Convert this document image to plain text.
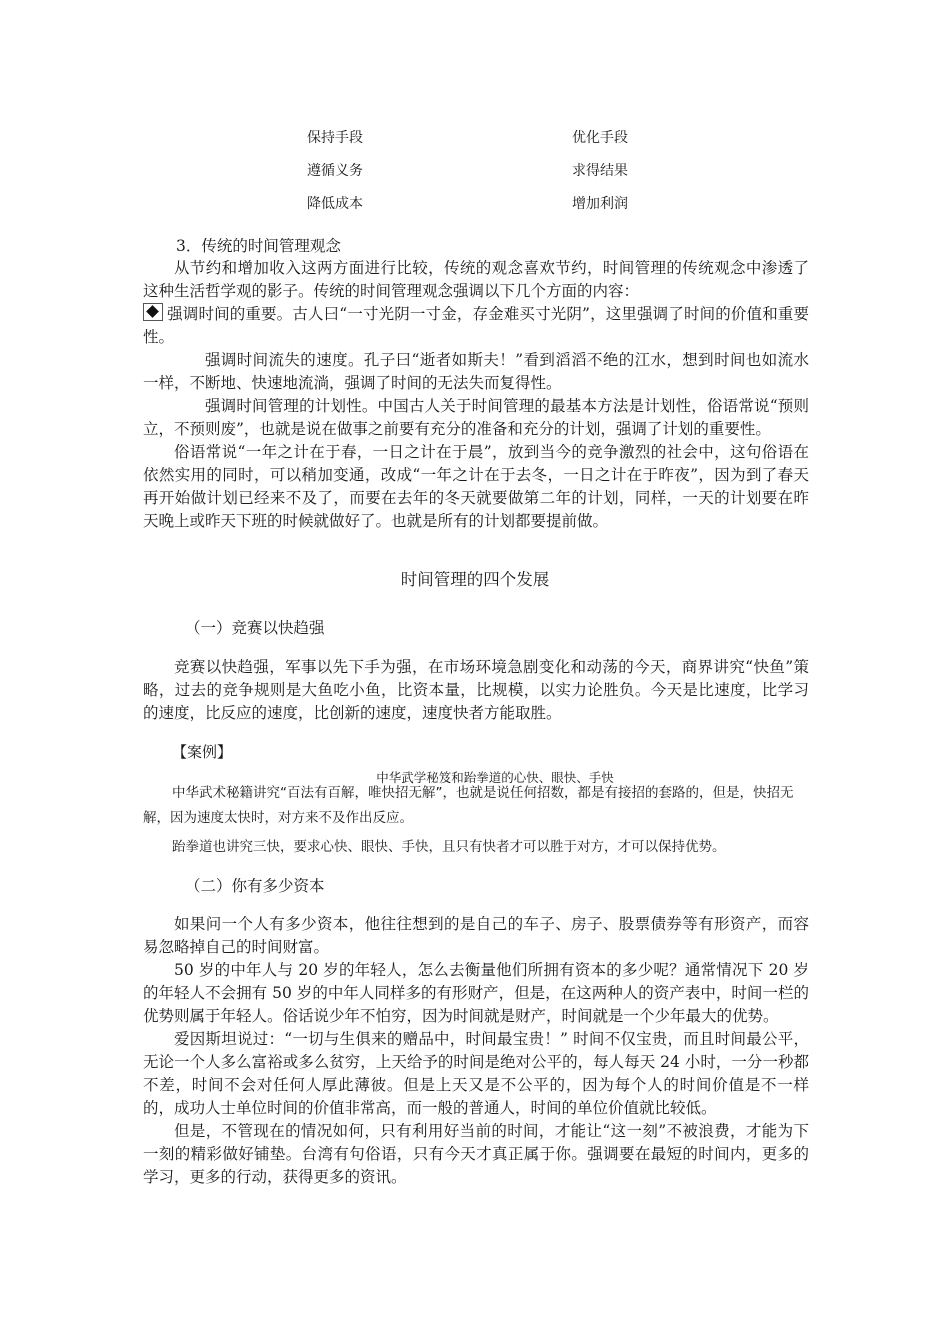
保持手段	优化手段
遵循义务	求得结果
降低成本	增加利润

3．传统的时间管理观念

从节约和增加收入这两方面进行比较，传统的观念喜欢节约，时间管理的传统观念中渗透了这种生活哲学观的影子。传统的时间管理观念强调以下几个方面的内容：

强调时间的重要。古人曰“一寸光阴一寸金，存金难买寸光阴”，这里强调了时间的价值和重要性。

强调时间流失的速度。孔子曰“逝者如斯夫！”看到滔滔不绝的江水，想到时间也如流水一样，不断地、快速地流淌，强调了时间的无法失而复得性。

强调时间管理的计划性。中国古人关于时间管理的最基本方法是计划性，俗语常说“预则立，不预则废”，也就是说在做事之前要有充分的准备和充分的计划，强调了计划的重要性。

俗语常说“一年之计在于春，一日之计在于晨”，放到当今的竞争激烈的社会中，这句俗语在依然实用的同时，可以稍加变通，改成“一年之计在于去冬，一日之计在于昨夜”，因为到了春天再开始做计划已经来不及了，而要在去年的冬天就要做第二年的计划，同样，一天的计划要在昨天晚上或昨天下班的时候就做好了。也就是所有的计划都要提前做。

时间管理的四个发展
（一）竞赛以快趋强

竞赛以快趋强，军事以先下手为强，在市场环境急剧变化和动荡的今天，商界讲究“快鱼”策略，过去的竞争规则是大鱼吃小鱼，比资本量，比规模，以实力论胜负。今天是比速度，比学习的速度，比反应的速度，比创新的速度，速度快者方能取胜。

【案例】
中华武学秘笈和跆拳道的心快、眼快、手快

中华武术秘籍讲究“百法有百解，唯快招无解”，也就是说任何招数，都是有接招的套路的，但是，快招无解，因为速度太快时，对方来不及作出反应。

跆拳道也讲究三快，要求心快、眼快、手快，且只有快者才可以胜于对方，才可以保持优势。

（二）你有多少资本

如果问一个人有多少资本，他往往想到的是自己的车子、房子、股票债券等有形资产，而容易忽略掉自己的时间财富。

50 岁的中年人与 20 岁的年轻人，怎么去衡量他们所拥有资本的多少呢？通常情况下 20 岁的年轻人不会拥有 50 岁的中年人同样多的有形财产，但是，在这两种人的资产表中，时间一栏的优势则属于年轻人。俗话说少年不怕穷，因为时间就是财产，时间就是一个少年最大的优势。

爱因斯坦说过：“一切与生俱来的赠品中，时间最宝贵！” 时间不仅宝贵，而且时间最公平，无论一个人多么富裕或多么贫穷，上天给予的时间是绝对公平的，每人每天 24 小时，一分一秒都不差，时间不会对任何人厚此薄彼。但是上天又是不公平的，因为每个人的时间价值是不一样的，成功人士单位时间的价值非常高，而一般的普通人，时间的单位价值就比较低。

但是，不管现在的情况如何，只有利用好当前的时间，才能让“这一刻”不被浪费，才能为下一刻的精彩做好铺垫。台湾有句俗语，只有今天才真正属于你。强调要在最短的时间内，更多的学习，更多的行动，获得更多的资讯。
